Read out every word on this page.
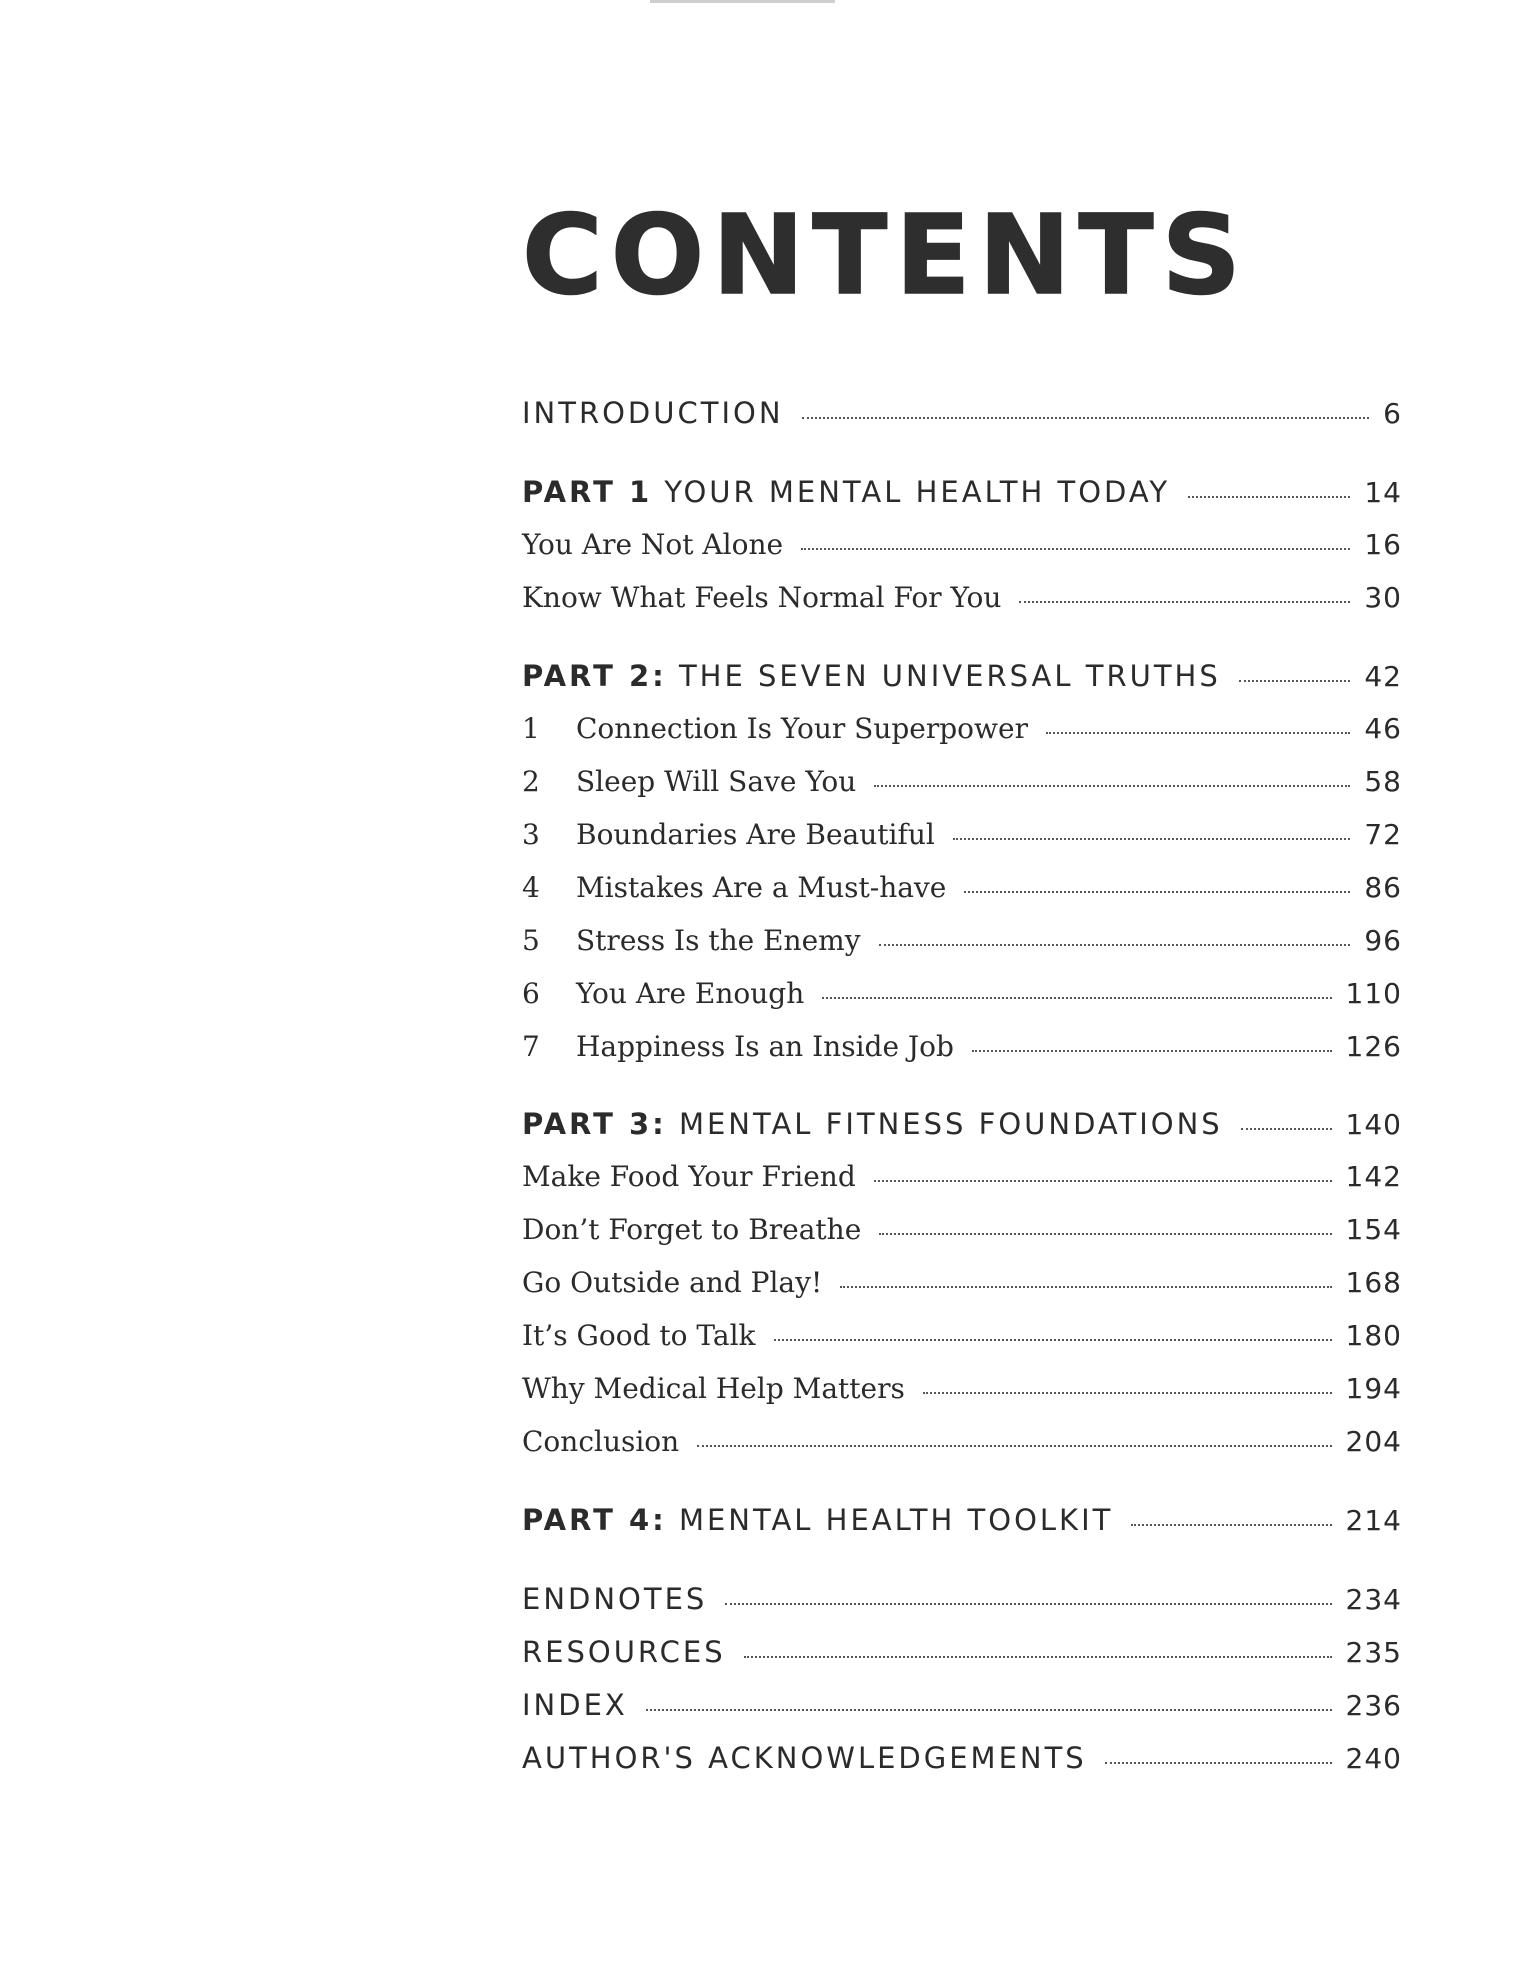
CONTENTS
INTRODUCTION	6
PART 1 YOUR MENTAL HEALTH TODAY	14
You Are Not Alone	16
Know What Feels Normal For You	30
PART 2: THE SEVEN UNIVERSAL TRUTHS	42
1 Connection Is Your Superpower	46
2 Sleep Will Save You	58
3 Boundaries Are Beautiful	72
4 Mistakes Are a Must-have	86
5 Stress Is the Enemy	96
6 You Are Enough	110
7 Happiness Is an Inside Job	126
PART 3: MENTAL FITNESS FOUNDATIONS	140
Make Food Your Friend	142
Don’t Forget to Breathe	154
Go Outside and Play!	168
It’s Good to Talk	180
Why Medical Help Matters	194
Conclusion	204
PART 4: MENTAL HEALTH TOOLKIT	214
ENDNOTES	234
RESOURCES	235
INDEX	236
AUTHOR'S ACKNOWLEDGEMENTS	240
